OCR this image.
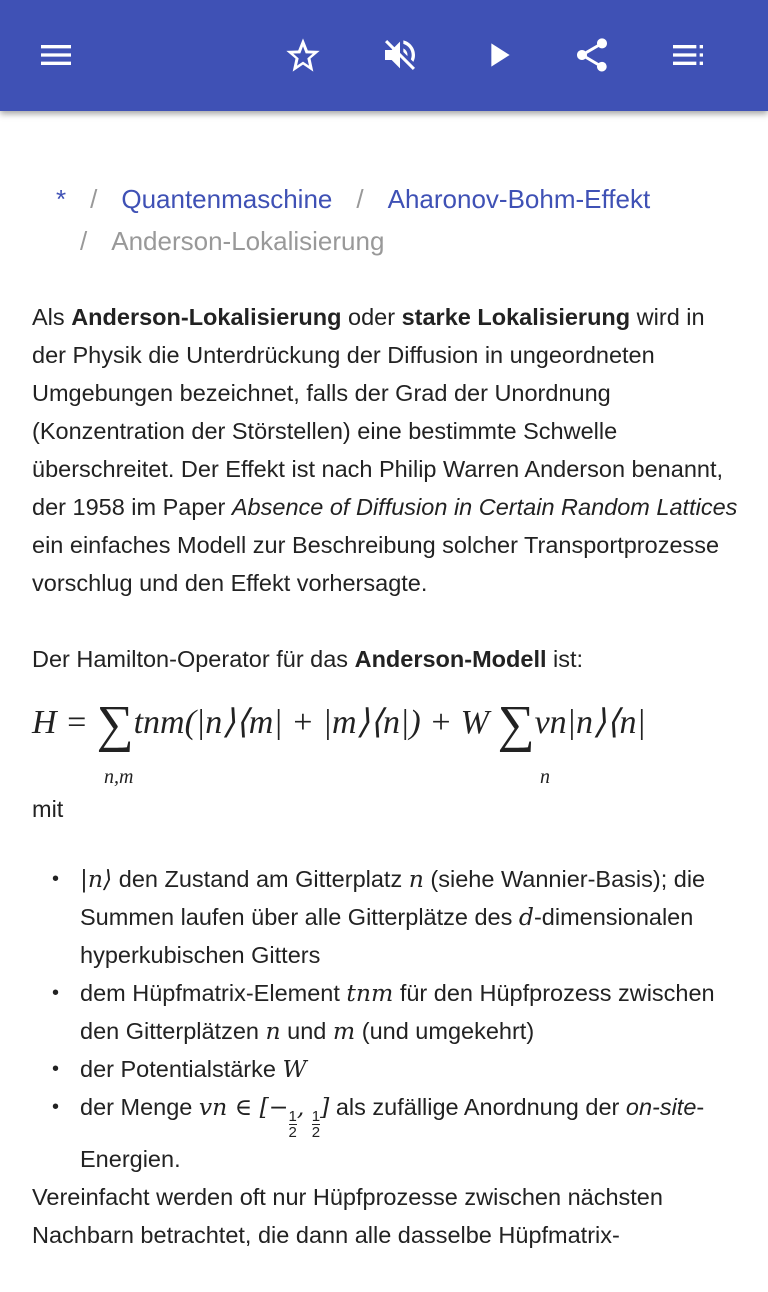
* / Quantenmaschine / Aharonov-Bohm-Effekt
/ Anderson-Lokalisierung

Als Anderson-Lokalisierung oder starke Lokalisierung wird in der Physik die Unterdrückung der Diffusion in ungeordneten Umgebungen bezeichnet, falls der Grad der Unordnung (Konzentration der Störstellen) eine bestimmte Schwelle überschreitet. Der Effekt ist nach Philip Warren Anderson benannt, der 1958 im Paper Absence of Diffusion in Certain Random Lattices ein einfaches Modell zur Beschreibung solcher Transportprozesse vorschlug und den Effekt vorhersagte.

Der Hamilton-Operator für das Anderson-Modell ist:

H = ∑tnm(|n⟩⟨m| + |m⟩⟨n|) + W ∑vn|n⟩⟨n|
n,m	n

mit

• |n⟩ den Zustand am Gitterplatz n (siehe Wannier-Basis); die Summen laufen über alle Gitterplätze des d-dimensionalen hyperkubischen Gitters
• dem Hüpfmatrix-Element tnm für den Hüpfprozess zwischen den Gitterplätzen n und m (und umgekehrt)
• der Potentialstärke W
• der Menge vn ∈ [−
$\frac{1}{2}$
,
$\frac{1}{2}$
] als zufällige Anordnung der on-site-Energien.

Vereinfacht werden oft nur Hüpfprozesse zwischen nächsten Nachbarn betrachtet, die dann alle dasselbe Hüpfmatrix-
